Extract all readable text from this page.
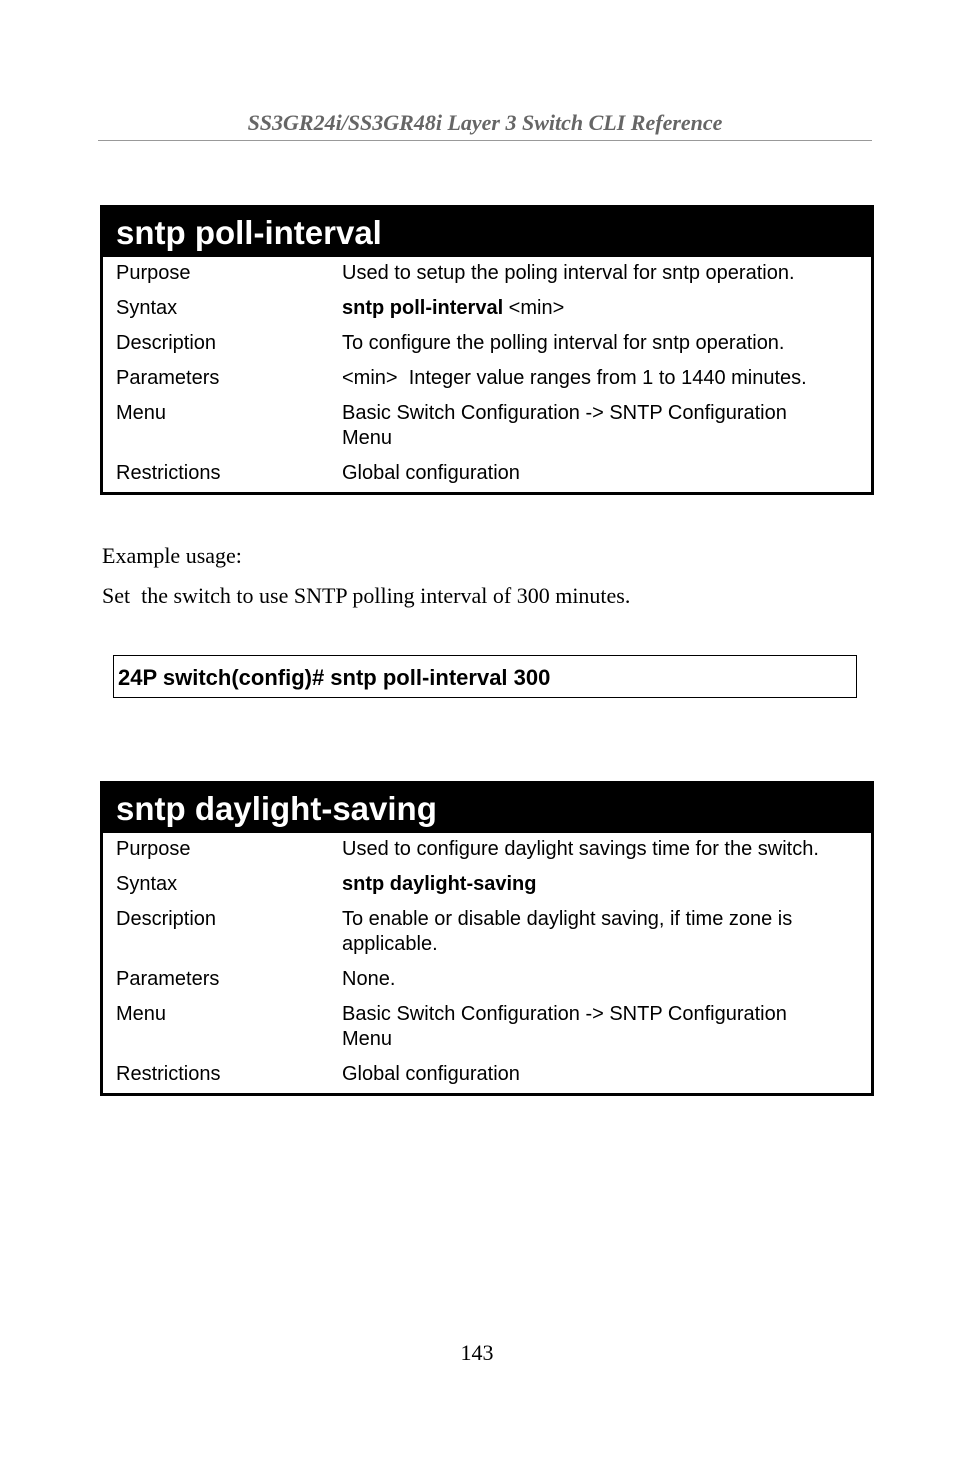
SS3GR24i/SS3GR48i Layer 3 Switch CLI Reference
sntp poll-interval
Purpose	Used to setup the poling interval for sntp operation.
Syntax	sntp poll-interval <min>
Description	To configure the polling interval for sntp operation.
Parameters	<min>  Integer value ranges from 1 to 1440 minutes.
Menu	Basic Switch Configuration -> SNTP Configuration Menu
Restrictions	Global configuration
Example usage:
Set  the switch to use SNTP polling interval of 300 minutes.
24P switch(config)# sntp poll-interval 300
sntp daylight-saving
Purpose	Used to configure daylight savings time for the switch.
Syntax	sntp daylight-saving
Description	To enable or disable daylight saving, if time zone is applicable.
Parameters	None.
Menu	Basic Switch Configuration -> SNTP Configuration Menu
Restrictions	Global configuration
143
